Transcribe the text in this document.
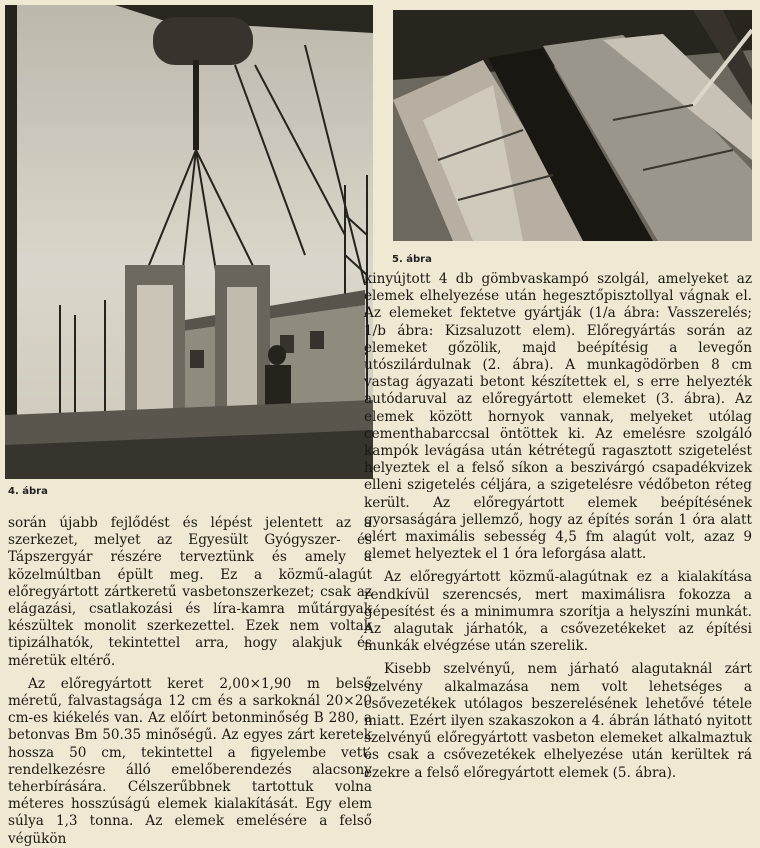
4. ábra
5. ábra

során újabb fejlődést és lépést jelentett az a szerkezet, melyet az Egyesült Gyógyszer- és Tápszergyár részére terveztünk és amely a közelmúltban épült meg. Ez a közmű-alagút előregyártott zártkeretű vasbetonszerkezet; csak az elágazási, csatlakozási és líra-kamra műtárgyak készültek monolit szerkezettel. Ezek nem voltak tipizálhatók, tekintettel arra, hogy alakjuk és méretük eltérő.

Az előregyártott keret 2,00×1,90 m belső méretű, falvastagsága 12 cm és a sarkoknál 20×20 cm-es kiékelés van. Az előírt betonminőség B 280, a betonvas Bm 50.35 minőségű. Az egyes zárt keretek hossza 50 cm, tekintettel a figyelembe vett, rendelkezésre álló emelőberendezés alacsony teherbírására. Célszerűbbnek tartottuk volna méteres hosszúságú elemek kialakítását. Egy elem súlya 1,3 tonna. Az elemek emelésére a felső végükön

kinyújtott 4 db gömbvaskampó szolgál, amelyeket az elemek elhelyezése után hegesztőpisztollyal vágnak el. Az elemeket fektetve gyártják (1/a ábra: Vasszerelés; 1/b ábra: Kizsaluzott elem). Előregyártás során az elemeket gőzölik, majd beépítésig a levegőn utószilárdulnak (2. ábra). A munkagödörben 8 cm vastag ágyazati betont készítettek el, s erre helyezték autódaruval az előregyártott elemeket (3. ábra). Az elemek között hornyok vannak, melyeket utólag cementhabarccsal öntöttek ki. Az emelésre szolgáló kampók levágása után kétrétegű ragasztott szigetelést helyeztek el a felső síkon a beszivárgó csapadékvizek elleni szigetelés céljára, a szigetelésre védőbeton réteg került. Az előregyártott elemek beépítésének gyorsaságára jellemző, hogy az építés során 1 óra alatt elért maximális sebesség 4,5 fm alagút volt, azaz 9 elemet helyeztek el 1 óra leforgása alatt.

Az előregyártott közmű-alagútnak ez a kialakítása rendkívül szerencsés, mert maximálisra fokozza a gépesítést és a minimumra szorítja a helyszíni munkát. Az alagutak járhatók, a csővezetékeket az építési munkák elvégzése után szerelik.

Kisebb szelvényű, nem járható alagutaknál zárt szelvény alkalmazása nem volt lehetséges a csővezetékek utólagos beszerelésének lehetővé tétele miatt. Ezért ilyen szakaszokon a 4. ábrán látható nyitott szelvényű előregyártott vasbeton elemeket alkalmaztuk és csak a csővezetékek elhelyezése után kerültek rá ezekre a felső előregyártott elemek (5. ábra).
